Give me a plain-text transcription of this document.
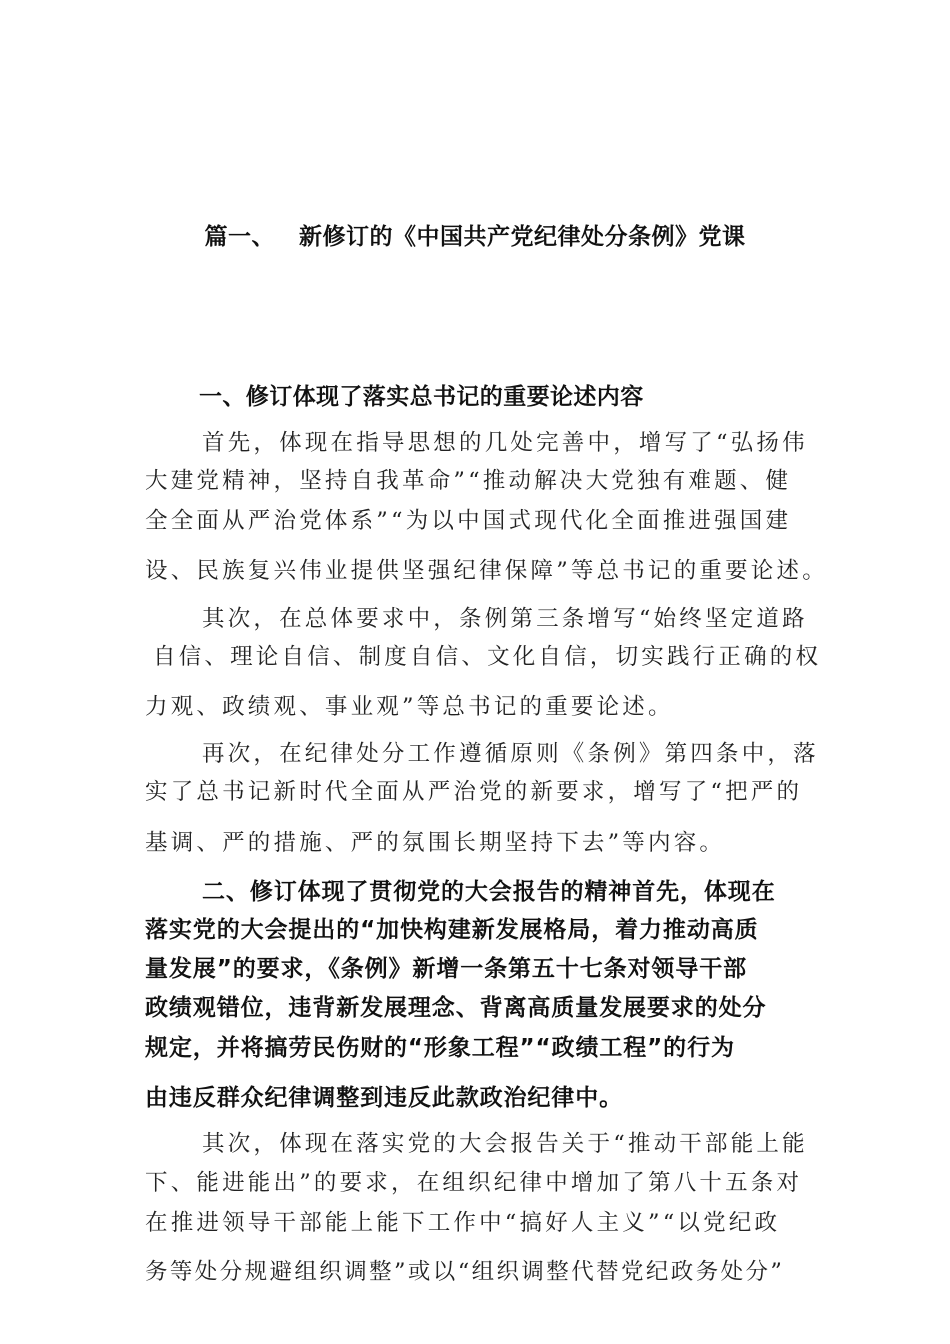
篇一、 新修订的《中国共产党纪律处分条例》党课
一、修订体现了落实总书记的重要论述内容
首先，体现在指导思想的几处完善中，增写了“弘扬伟
大建党精神，坚持自我革命”“推动解决大党独有难题、健
全全面从严治党体系”“为以中国式现代化全面推进强国建
设、民族复兴伟业提供坚强纪律保障”等总书记的重要论述。
其次，在总体要求中，条例第三条增写“始终坚定道路
自信、理论自信、制度自信、文化自信，切实践行正确的权
力观、政绩观、事业观”等总书记的重要论述。
再次，在纪律处分工作遵循原则《条例》第四条中，落
实了总书记新时代全面从严治党的新要求，增写了“把严的
基调、严的措施、严的氛围长期坚持下去”等内容。
二、修订体现了贯彻党的大会报告的精神首先，体现在
落实党的大会提出的“加快构建新发展格局，着力推动高质
量发展”的要求，《条例》新增一条第五十七条对领导干部
政绩观错位，违背新发展理念、背离高质量发展要求的处分
规定，并将搞劳民伤财的“形象工程”“政绩工程”的行为
由违反群众纪律调整到违反此款政治纪律中。
其次，体现在落实党的大会报告关于“推动干部能上能
下、能进能出”的要求，在组织纪律中增加了第八十五条对
在推进领导干部能上能下工作中“搞好人主义”“以党纪政
务等处分规避组织调整”或以“组织调整代替党纪政务处分”
